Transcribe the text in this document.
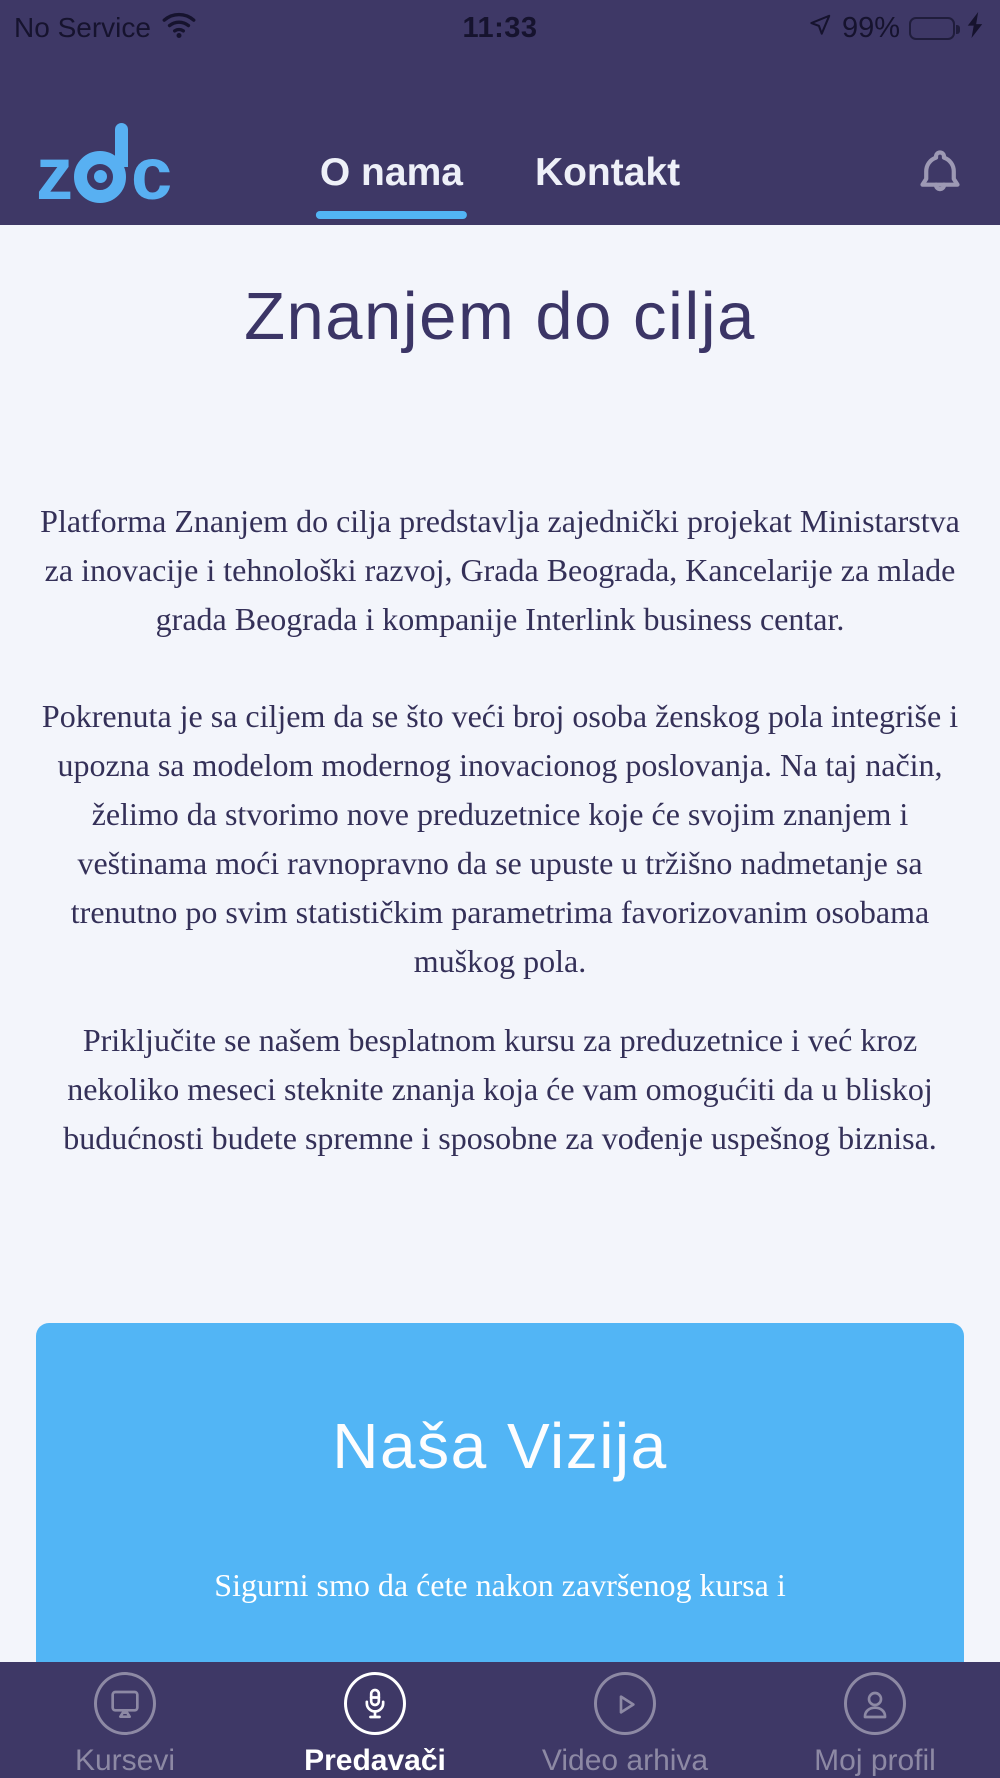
No Service	11:33	99%
z c	O nama Kontakt
Znanjem do cilja

Platforma Znanjem do cilja predstavlja zajednički projekat Ministarstva za inovacije i tehnološki razvoj, Grada Beograda, Kancelarije za mlade grada Beograda i kompanije Interlink business centar.

Pokrenuta je sa ciljem da se što veći broj osoba ženskog pola integriše i upozna sa modelom modernog inovacionog poslovanja. Na taj način, želimo da stvorimo nove preduzetnice koje će svojim znanjem i veštinama moći ravnopravno da se upuste u tržišno nadmetanje sa trenutno po svim statističkim parametrima favorizovanim osobama muškog pola.

Priključite se našem besplatnom kursu za preduzetnice i već kroz nekoliko meseci steknite znanja koja će vam omogućiti da u bliskoj budućnosti budete spremne i sposobne za vođenje uspešnog biznisa.

Naša Vizija

Sigurni smo da ćete nakon završenog kursa i

Kursevi	Predavači	Video arhiva	Moj profil
